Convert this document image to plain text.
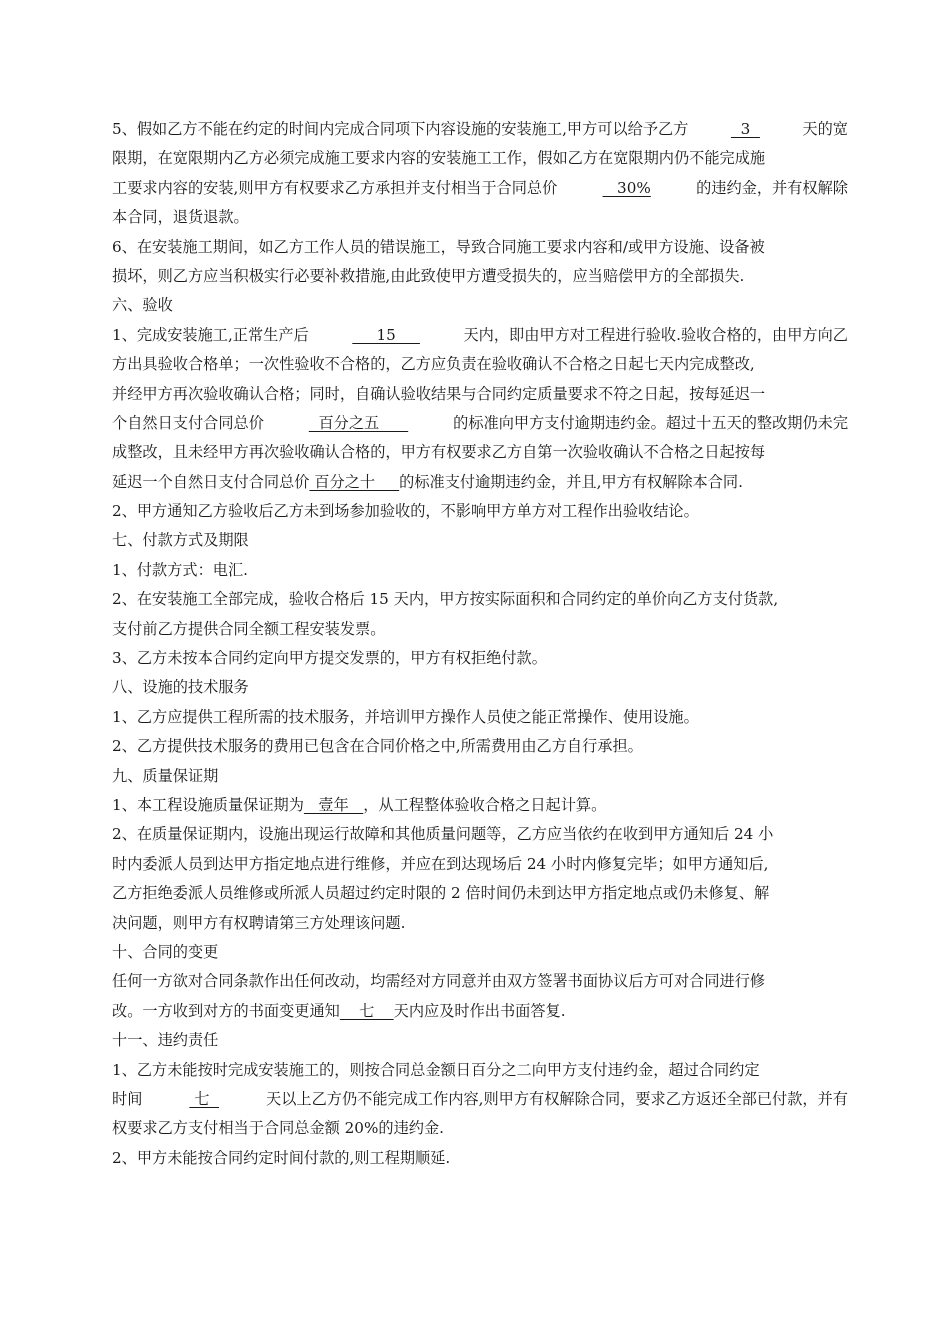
5、假如乙方不能在约定的时间内完成合同项下内容设施的安装施工,甲方可以给予乙方	3	天的宽
限期，在宽限期内乙方必须完成施工要求内容的安装施工工作，假如乙方在宽限期内仍不能完成施
工要求内容的安装,则甲方有权要求乙方承担并支付相当于合同总价	30%	的违约金，并有权解除
本合同，退货退款。
6、在安装施工期间，如乙方工作人员的错误施工，导致合同施工要求内容和/或甲方设施、设备被
损坏，则乙方应当积极实行必要补救措施,由此致使甲方遭受损失的，应当赔偿甲方的全部损失.
六、验收
1、完成安装施工,正常生产后	15	天内，即由甲方对工程进行验收.验收合格的，由甲方向乙
方出具验收合格单；一次性验收不合格的，乙方应负责在验收确认不合格之日起七天内完成整改,
并经甲方再次验收确认合格；同时，自确认验收结果与合同约定质量要求不符之日起，按每延迟一
个自然日支付合同总价	百分之五	的标准向甲方支付逾期违约金。超过十五天的整改期仍未完
成整改，且未经甲方再次验收确认合格的，甲方有权要求乙方自第一次验收确认不合格之日起按每
延迟一个自然日支付合同总价 百分之十 的标准支付逾期违约金，并且,甲方有权解除本合同.
2、甲方通知乙方验收后乙方未到场参加验收的，不影响甲方单方对工程作出验收结论。
七、付款方式及期限
1、付款方式：电汇.
2、在安装施工全部完成，验收合格后 15 天内，甲方按实际面积和合同约定的单价向乙方支付货款,
支付前乙方提供合同全额工程安装发票。
3、乙方未按本合同约定向甲方提交发票的，甲方有权拒绝付款。
八、设施的技术服务
1、乙方应提供工程所需的技术服务，并培训甲方操作人员使之能正常操作、使用设施。
2、乙方提供技术服务的费用已包含在合同价格之中,所需费用由乙方自行承担。
九、质量保证期
1、本工程设施质量保证期为 壹年 ，从工程整体验收合格之日起计算。
2、在质量保证期内，设施出现运行故障和其他质量问题等，乙方应当依约在收到甲方通知后 24 小
时内委派人员到达甲方指定地点进行维修，并应在到达现场后 24 小时内修复完毕；如甲方通知后,
乙方拒绝委派人员维修或所派人员超过约定时限的 2 倍时间仍未到达甲方指定地点或仍未修复、解
决问题，则甲方有权聘请第三方处理该问题.
十、合同的变更
任何一方欲对合同条款作出任何改动，均需经对方同意并由双方签署书面协议后方可对合同进行修
改。一方收到对方的书面变更通知 七 天内应及时作出书面答复.
十一、违约责任
1、乙方未能按时完成安装施工的，则按合同总金额日百分之二向甲方支付违约金，超过合同约定
时间	七	天以上乙方仍不能完成工作内容,则甲方有权解除合同，要求乙方返还全部已付款，并有
权要求乙方支付相当于合同总金额 20%的违约金.
2、甲方未能按合同约定时间付款的,则工程期顺延.
